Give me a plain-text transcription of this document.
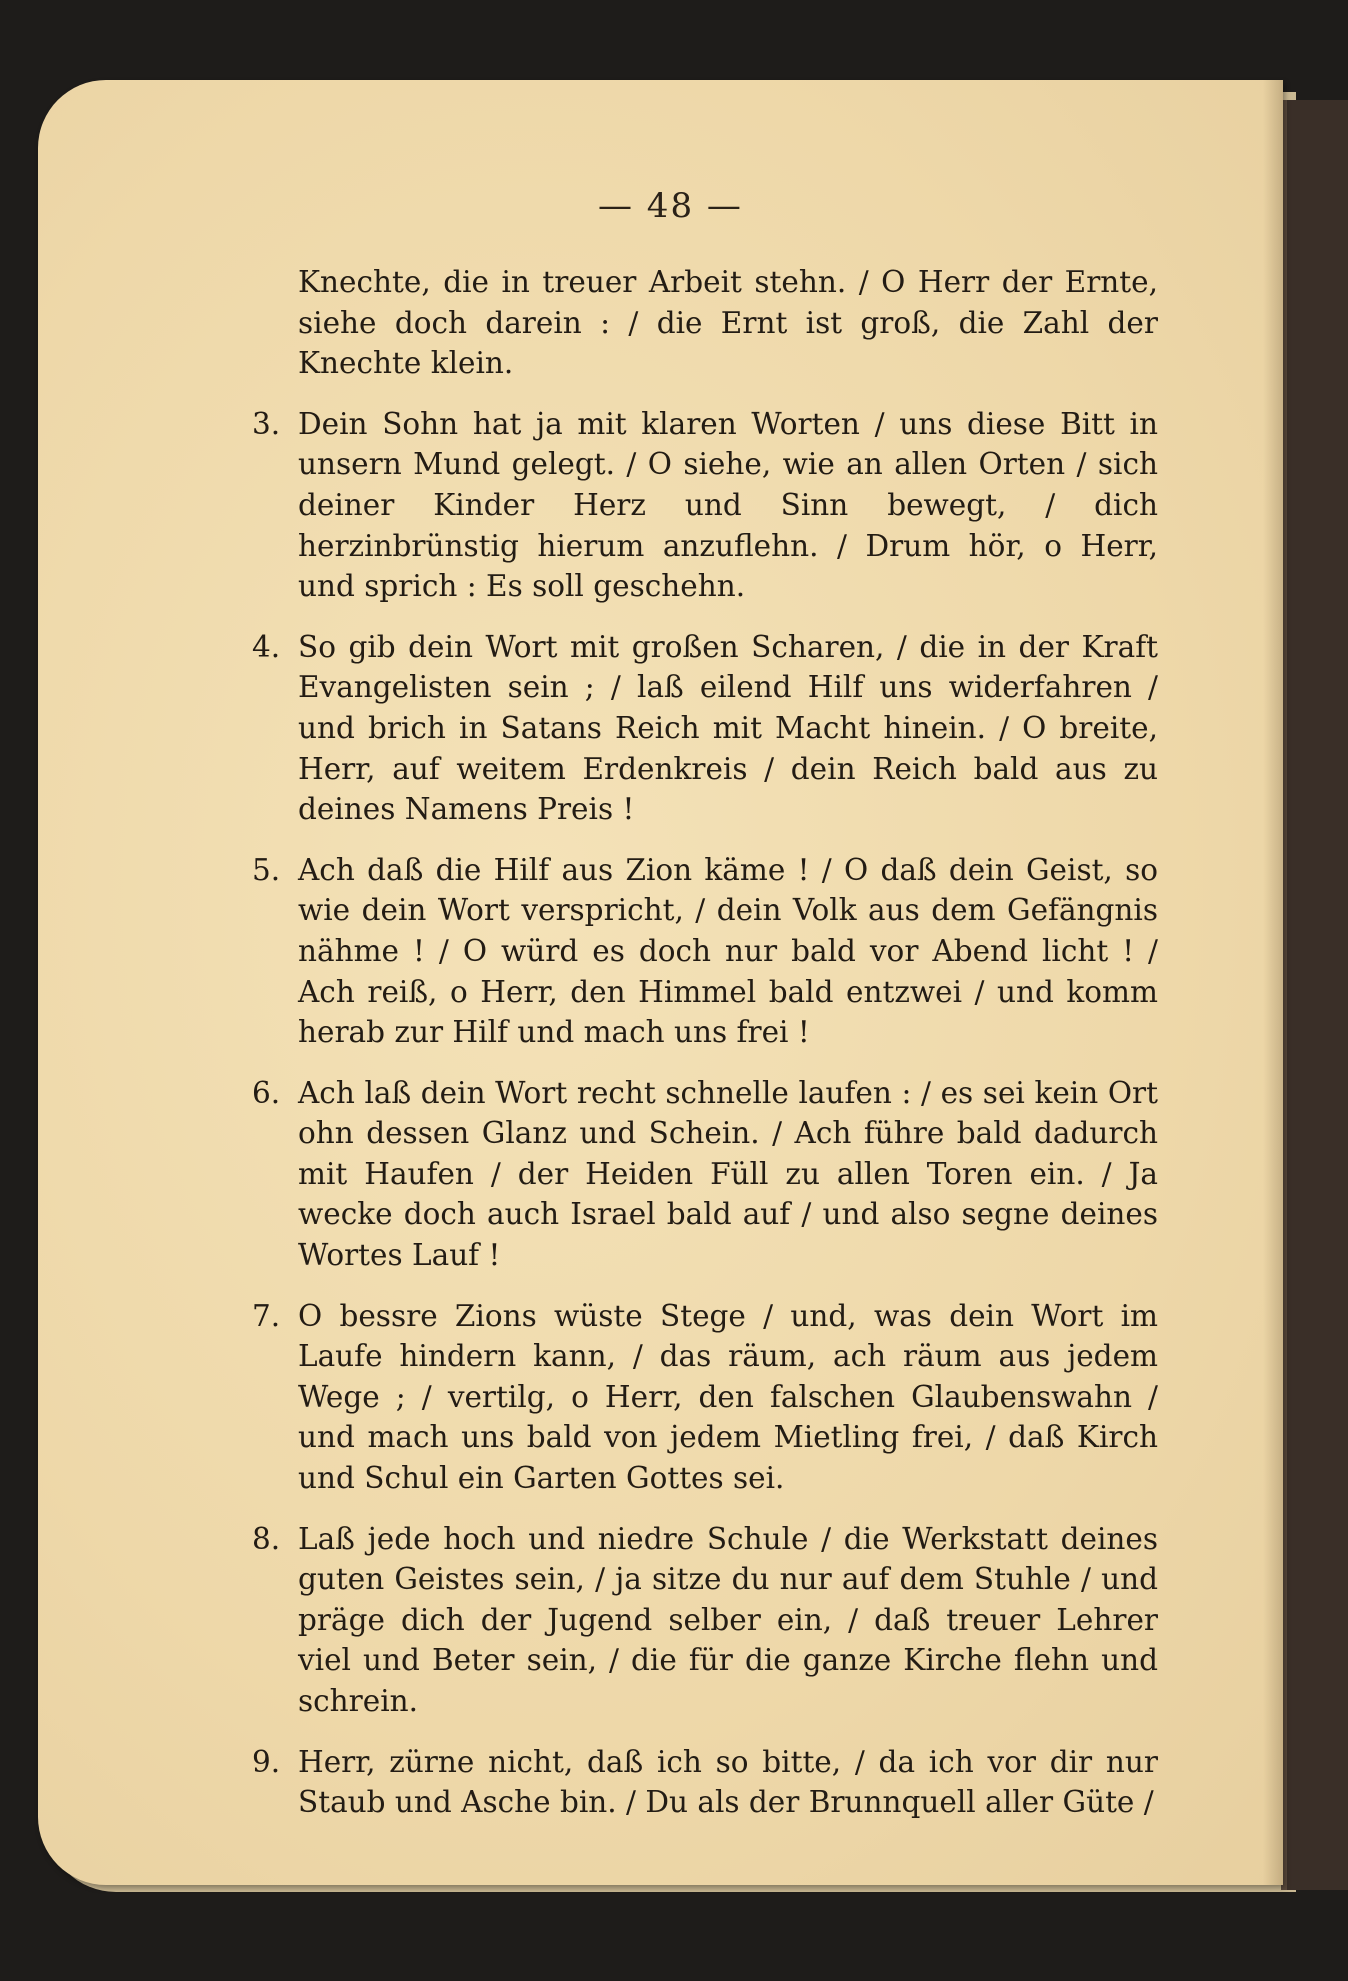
— 48 —
Knechte, die in treuer Arbeit stehn. / O Herr der Ernte, siehe doch darein : / die Ernt ist groß, die Zahl der Knechte klein.
3. Dein Sohn hat ja mit klaren Worten / uns diese Bitt in unsern Mund gelegt. / O siehe, wie an allen Orten / sich deiner Kinder Herz und Sinn bewegt, / dich herzinbrünstig hierum anzuflehn. / Drum hör, o Herr, und sprich : Es soll geschehn.
4. So gib dein Wort mit großen Scharen, / die in der Kraft Evangelisten sein ; / laß eilend Hilf uns widerfahren / und brich in Satans Reich mit Macht hinein. / O breite, Herr, auf weitem Erdenkreis / dein Reich bald aus zu deines Namens Preis !
5. Ach daß die Hilf aus Zion käme ! / O daß dein Geist, so wie dein Wort verspricht, / dein Volk aus dem Gefängnis nähme ! / O würd es doch nur bald vor Abend licht ! / Ach reiß, o Herr, den Himmel bald entzwei / und komm herab zur Hilf und mach uns frei !
6. Ach laß dein Wort recht schnelle laufen : / es sei kein Ort ohn dessen Glanz und Schein. / Ach führe bald dadurch mit Haufen / der Heiden Füll zu allen Toren ein. / Ja wecke doch auch Israel bald auf / und also segne deines Wortes Lauf !
7. O bessre Zions wüste Stege / und, was dein Wort im Laufe hindern kann, / das räum, ach räum aus jedem Wege ; / vertilg, o Herr, den falschen Glaubenswahn / und mach uns bald von jedem Mietling frei, / daß Kirch und Schul ein Garten Gottes sei.
8. Laß jede hoch und niedre Schule / die Werkstatt deines guten Geistes sein, / ja sitze du nur auf dem Stuhle / und präge dich der Jugend selber ein, / daß treuer Lehrer viel und Beter sein, / die für die ganze Kirche flehn und schrein.
9. Herr, zürne nicht, daß ich so bitte, / da ich vor dir nur Staub und Asche bin. / Du als der Brunnquell aller Güte /
